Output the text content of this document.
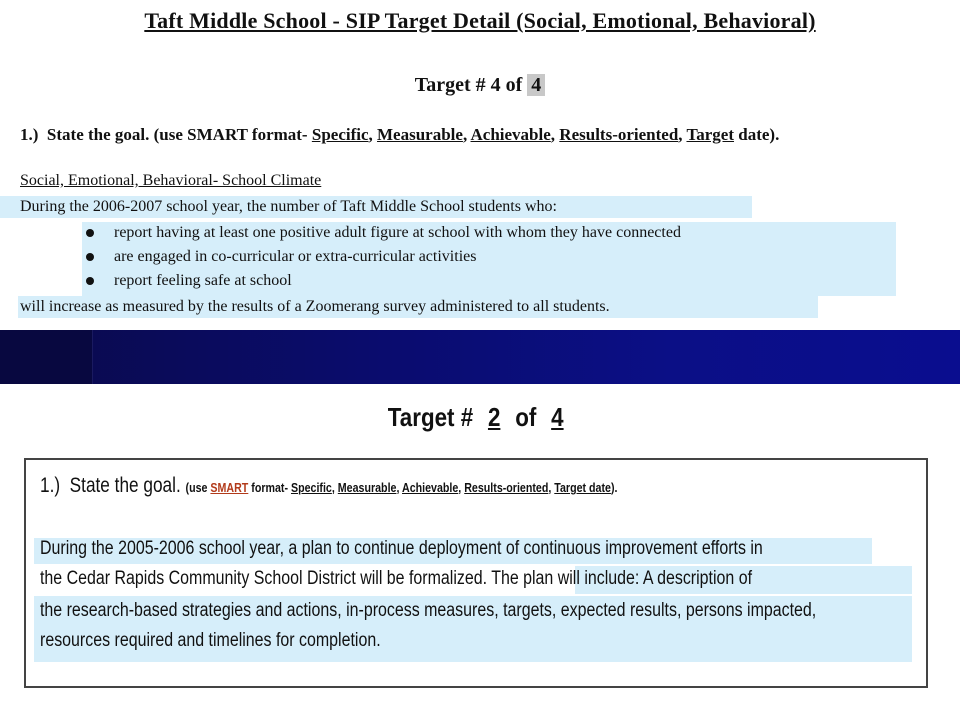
Taft Middle School - SIP Target Detail (Social, Emotional, Behavioral)
Target # 4 of 4
1.) State the goal. (use SMART format- Specific, Measurable, Achievable, Results-oriented, Target date).
Social, Emotional, Behavioral- School Climate
During the 2006-2007 school year, the number of Taft Middle School students who:
report having at least one positive adult figure at school with whom they have connected
are engaged in co-curricular or extra-curricular activities
report feeling safe at school
will increase as measured by the results of a Zoomerang survey administered to all students.
Target # 2 of 4
1.) State the goal. (use SMART format- Specific, Measurable, Achievable, Results-oriented, Target date).
During the 2005-2006 school year, a plan to continue deployment of continuous improvement efforts in
the Cedar Rapids Community School District will be formalized. The plan will include: A description of
the research-based strategies and actions, in-process measures, targets, expected results, persons impacted,
resources required and timelines for completion.
